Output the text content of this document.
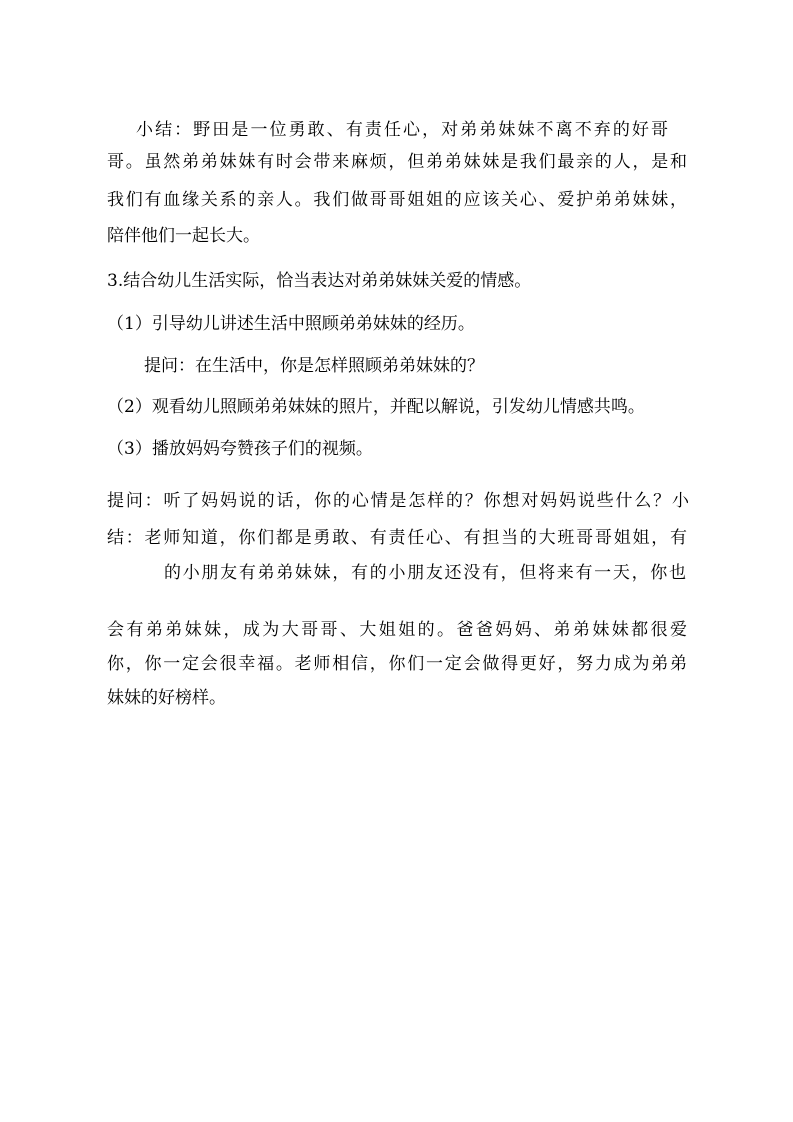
小结：野田是一位勇敢、有责任心，对弟弟妹妹不离不弃的好哥

哥。虽然弟弟妹妹有时会带来麻烦，但弟弟妹妹是我们最亲的人，是和

我们有血缘关系的亲人。我们做哥哥姐姐的应该关心、爱护弟弟妹妹，

陪伴他们一起长大。

3.结合幼儿生活实际，恰当表达对弟弟妹妹关爱的情感。

（1）引导幼儿讲述生活中照顾弟弟妹妹的经历。

提问：在生活中，你是怎样照顾弟弟妹妹的？

（2）观看幼儿照顾弟弟妹妹的照片，并配以解说，引发幼儿情感共鸣。

（3）播放妈妈夸赞孩子们的视频。

提问：听了妈妈说的话，你的心情是怎样的？你想对妈妈说些什么？小

结：老师知道，你们都是勇敢、有责任心、有担当的大班哥哥姐姐，有

的小朋友有弟弟妹妹，有的小朋友还没有，但将来有一天，你也

会有弟弟妹妹，成为大哥哥、大姐姐的。爸爸妈妈、弟弟妹妹都很爱

你，你一定会很幸福。老师相信，你们一定会做得更好，努力成为弟弟

妹妹的好榜样。
